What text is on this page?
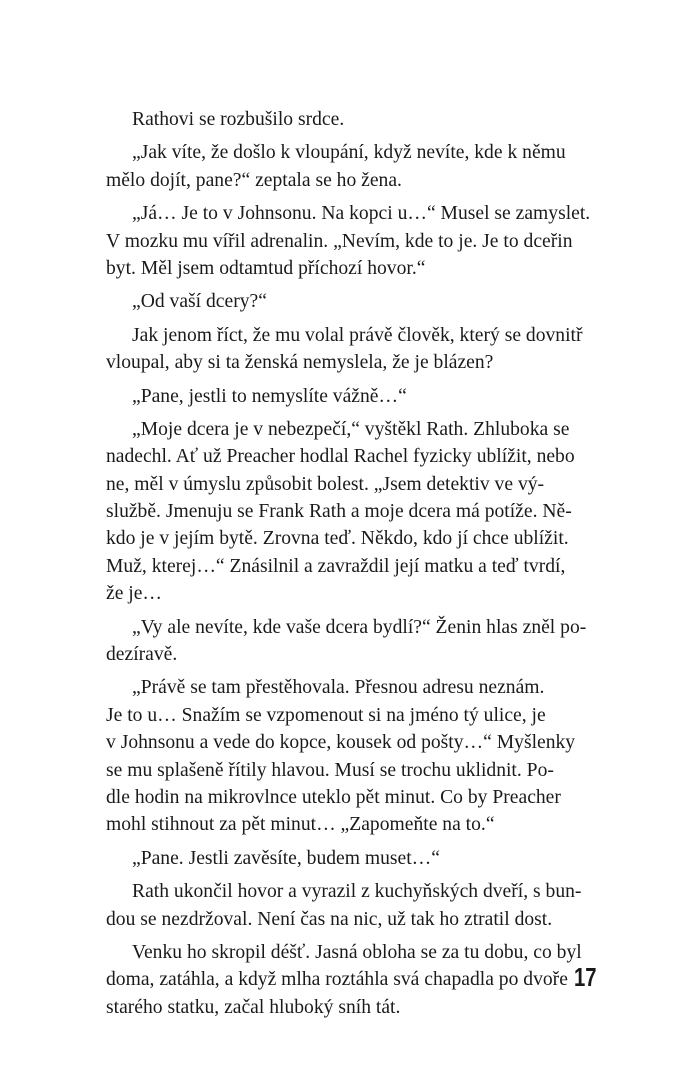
Rathovi se rozbušilo srdce.
„Jak víte, že došlo k vloupání, když nevíte, kde k němu
mělo dojít, pane?“ zeptala se ho žena.
„Já… Je to v Johnsonu. Na kopci u…“ Musel se zamyslet.
V mozku mu vířil adrenalin. „Nevím, kde to je. Je to dceřin
byt. Měl jsem odtamtud příchozí hovor.“
„Od vaší dcery?“
Jak jenom říct, že mu volal právě člověk, který se dovnitř
vloupal, aby si ta ženská nemyslela, že je blázen?
„Pane, jestli to nemyslíte vážně…“
„Moje dcera je v nebezpečí,“ vyštěkl Rath. Zhluboka se
nadechl. Ať už Preacher hodlal Rachel fyzicky ublížit, nebo
ne, měl v úmyslu způsobit bolest. „Jsem detektiv ve vý-
službě. Jmenuju se Frank Rath a moje dcera má potíže. Ně-
kdo je v jejím bytě. Zrovna teď. Někdo, kdo jí chce ublížit.
Muž, kterej…“ Znásilnil a zavraždil její matku a teď tvrdí,
že je…
„Vy ale nevíte, kde vaše dcera bydlí?“ Ženin hlas zněl po-
dezíravě.
„Právě se tam přestěhovala. Přesnou adresu neznám.
Je to u… Snažím se vzpomenout si na jméno tý ulice, je
v Johnsonu a vede do kopce, kousek od pošty…“ Myšlenky
se mu splašeně řítily hlavou. Musí se trochu uklidnit. Po-
dle hodin na mikrovlnce uteklo pět minut. Co by Preacher
mohl stihnout za pět minut… „Zapomeňte na to.“
„Pane. Jestli zavěsíte, budem muset…“
Rath ukončil hovor a vyrazil z kuchyňských dveří, s bun-
dou se nezdržoval. Není čas na nic, už tak ho ztratil dost.
Venku ho skropil déšť. Jasná obloha se za tu dobu, co byl
doma, zatáhla, a když mlha roztáhla svá chapadla po dvoře
starého statku, začal hluboký sníh tát.
17
